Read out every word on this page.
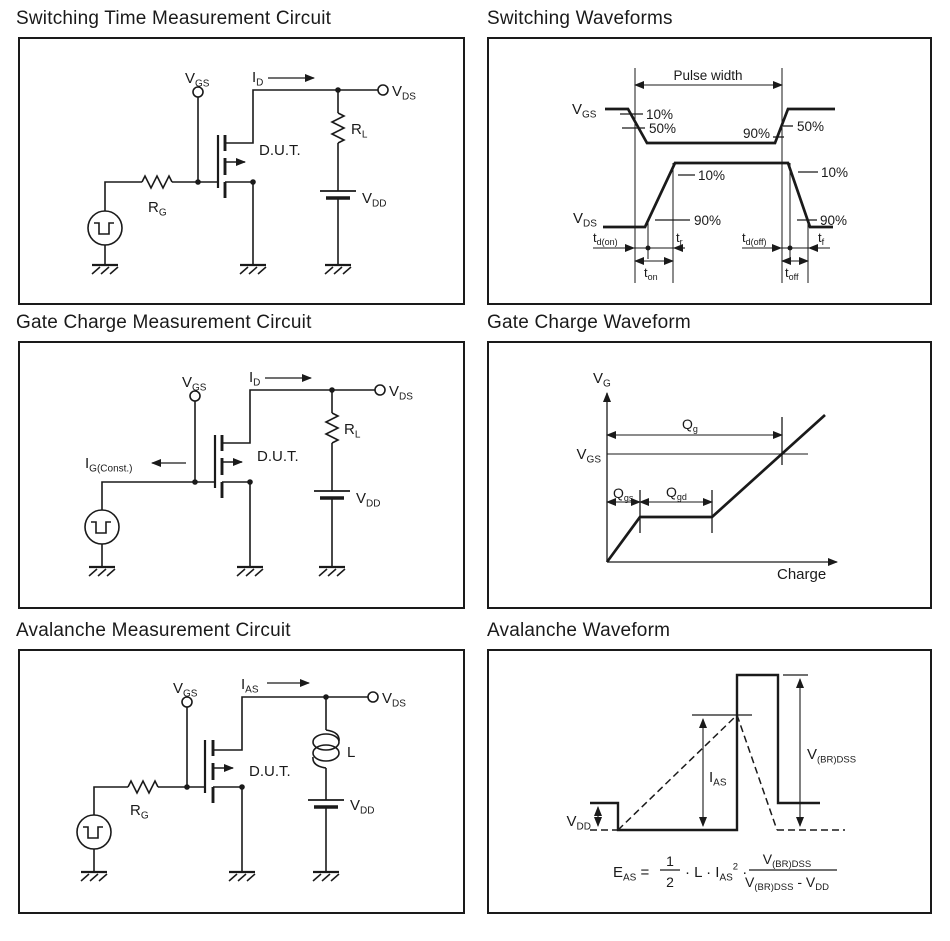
Switching Time Measurement Circuit
$V_{GS}$	$I_D$	$V_{DS}$
$R_L$
$V_{DD}$
$R_G$
D.U.T.
Switching Waveforms
Pulse width
10%
50%	90% 50%
10%
90%
10%
90%
$V_{GS}$
$V_{DS}$
$t_{d(on)}$	$t_r$
$t_{on}$
$t_{d(off)}$	$t_f$
$t_{off}$
Gate Charge Measurement Circuit
$V_{GS}$
$I_{G(Const.)}$
$I_D$	$V_{DS}$
$R_L$
$V_{DD}$
D.U.T.
Gate Charge Waveform
$V_G$
$V_{GS}$
$Q_g$
$Q_{gs}$ $Q_{gd}$
Charge
Avalanche Measurement Circuit
$V_{GS}$
$I_{AS}$	$V_{DS}$
L
$V_{DD}$
$R_G$
D.U.T.
Avalanche Waveform
$I_{AS}$
$V_{(BR)DSS}$
$V_{DD}$
$E_{AS}$ =
1
2
· $L \cdot I_{AS}^2$ ·
$V_{(BR)DSS}$
$V_{(BR)DSS} - V_{DD}$
